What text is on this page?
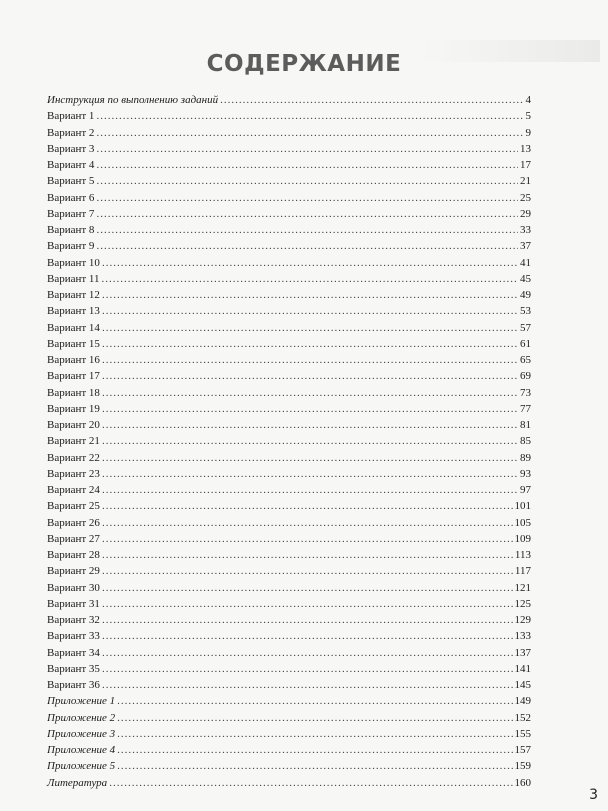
СОДЕРЖАНИЕ
Инструкция по выполнению заданий .....	4
Вариант 1 .....	5
Вариант 2 .....	9
Вариант 3 .....	13
Вариант 4 .....	17
Вариант 5 .....	21
Вариант 6 .....	25
Вариант 7 .....	29
Вариант 8 .....	33
Вариант 9 .....	37
Вариант 10 .....	41
Вариант 11 .....	45
Вариант 12 .....	49
Вариант 13 .....	53
Вариант 14 .....	57
Вариант 15 .....	61
Вариант 16 .....	65
Вариант 17 .....	69
Вариант 18 .....	73
Вариант 19 .....	77
Вариант 20 .....	81
Вариант 21 .....	85
Вариант 22 .....	89
Вариант 23 .....	93
Вариант 24 .....	97
Вариант 25 .....	101
Вариант 26 .....	105
Вариант 27 .....	109
Вариант 28 .....	113
Вариант 29 .....	117
Вариант 30 .....	121
Вариант 31 .....	125
Вариант 32 .....	129
Вариант 33 .....	133
Вариант 34 .....	137
Вариант 35 .....	141
Вариант 36 .....	145
Приложение 1 .....	149
Приложение 2 .....	152
Приложение 3 .....	155
Приложение 4 .....	157
Приложение 5 .....	159
Литература .....	160
3
